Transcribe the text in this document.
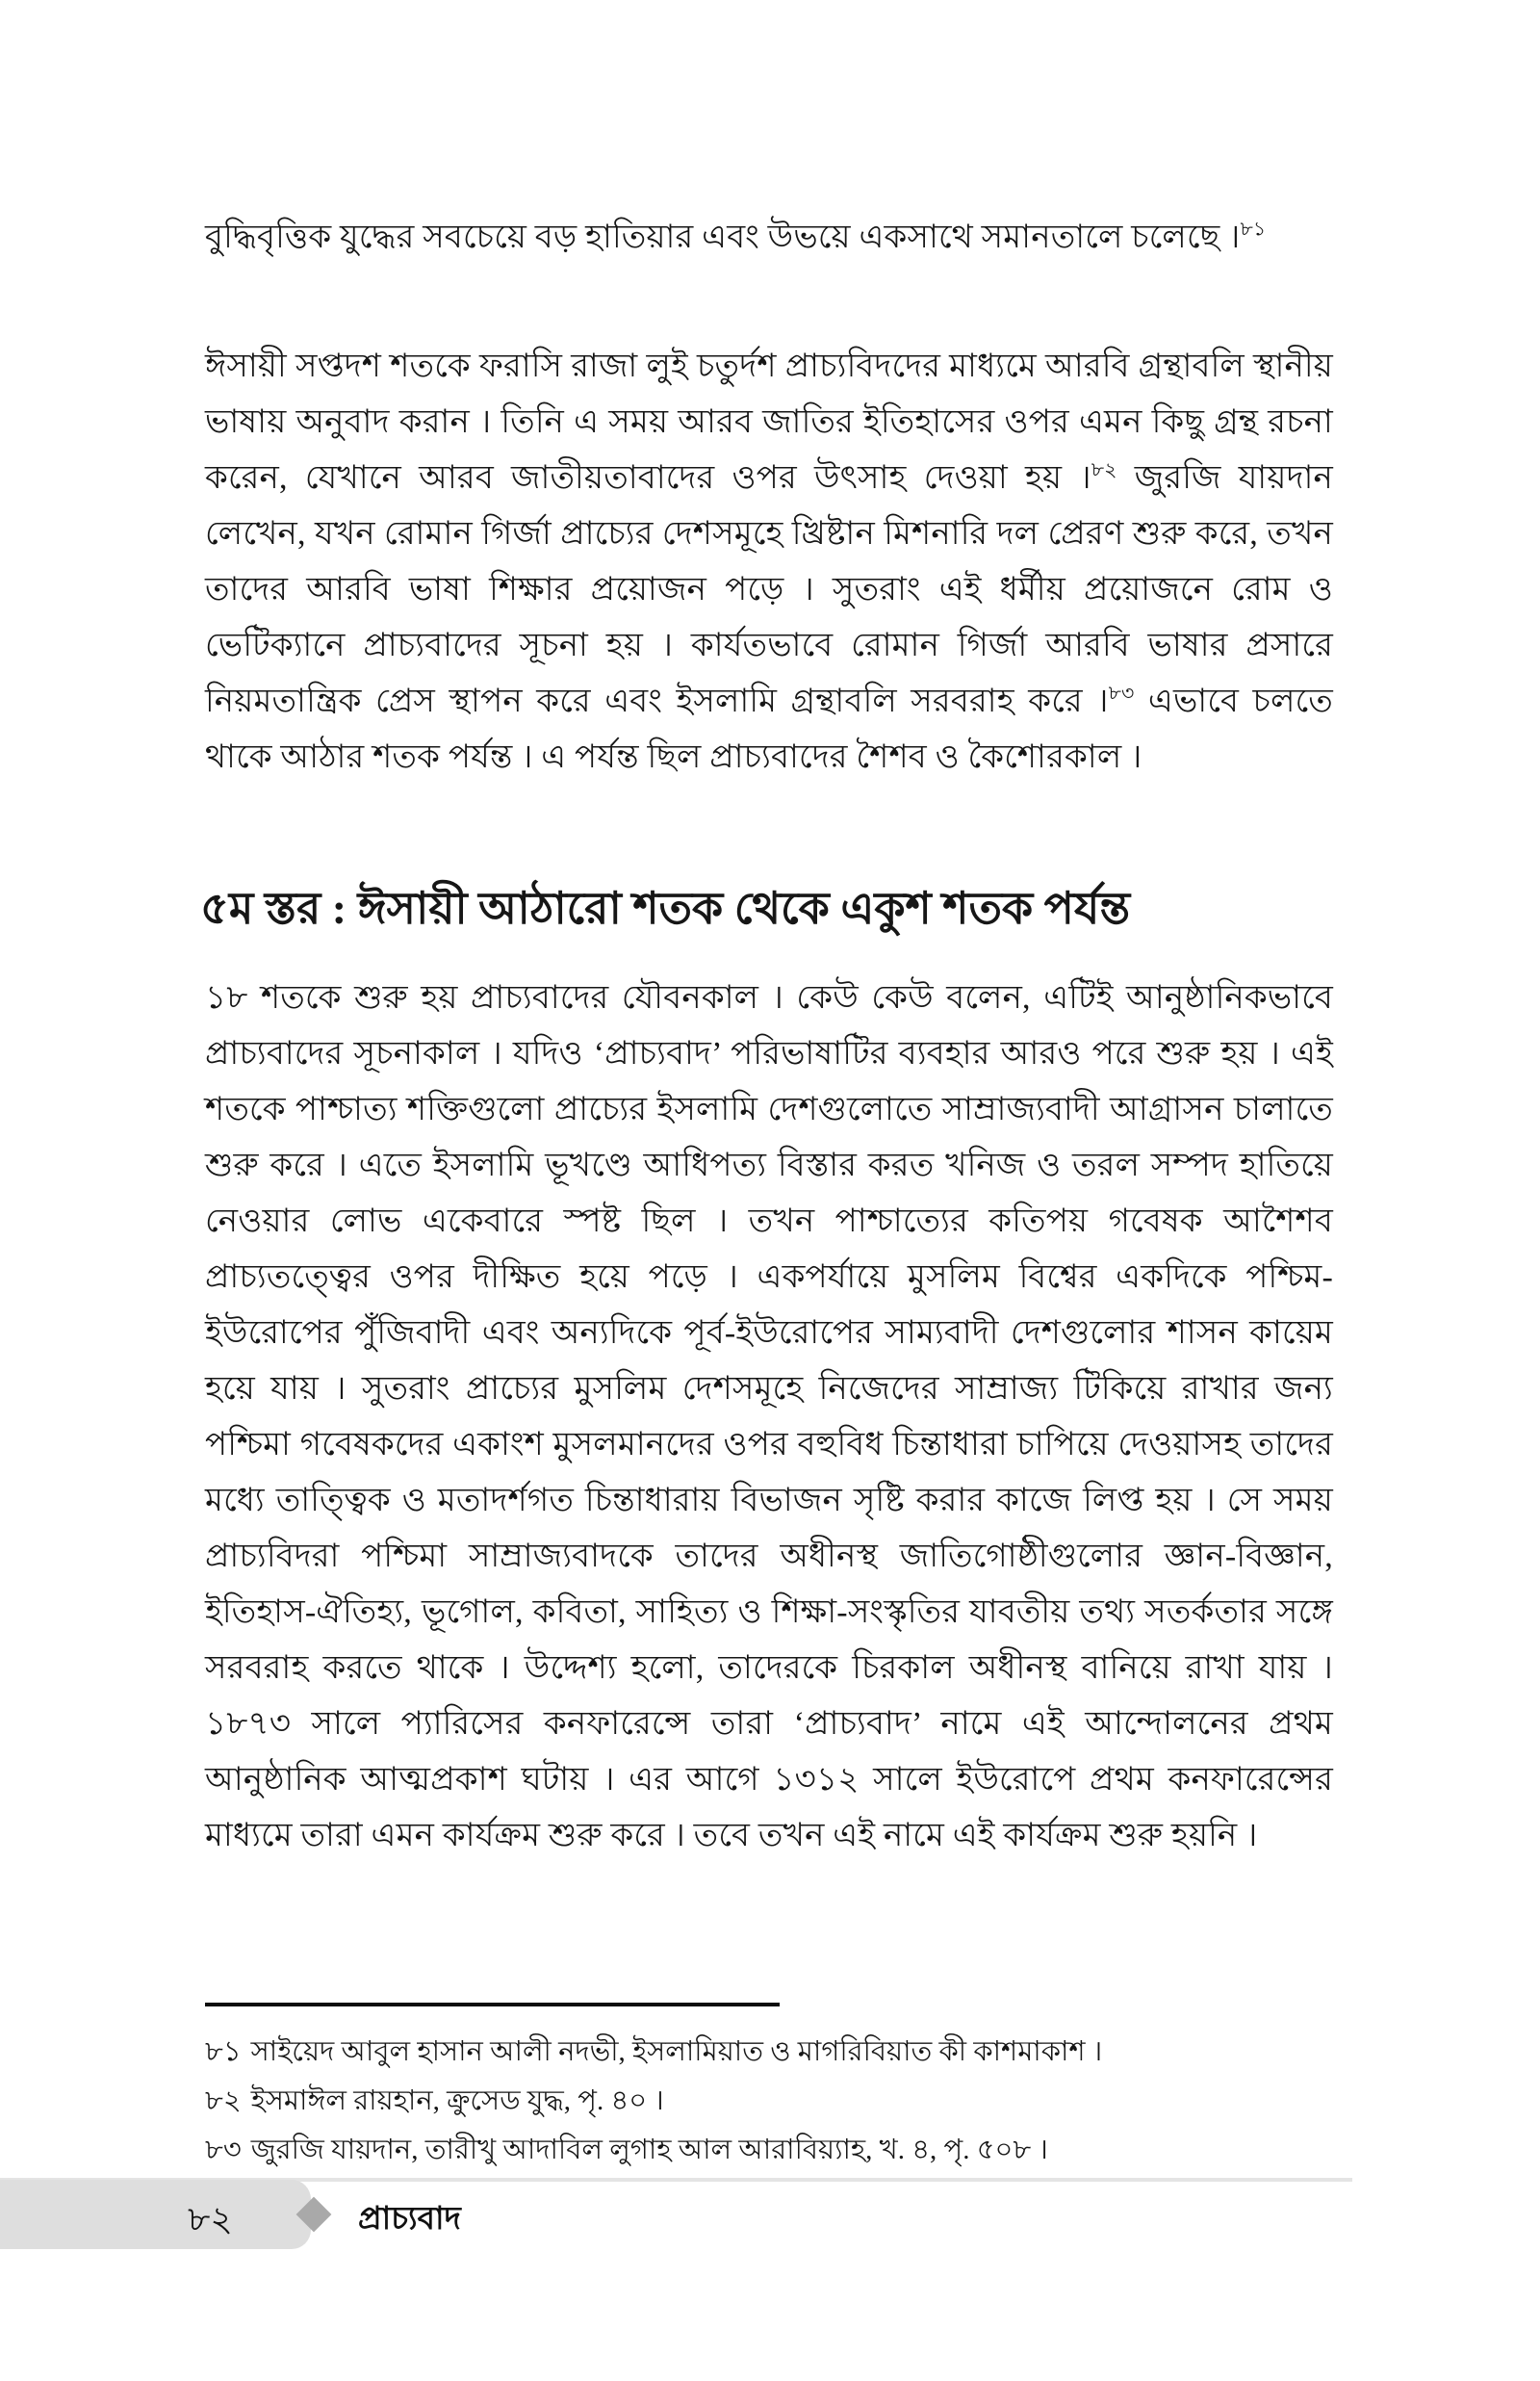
বুদ্ধিবৃত্তিক যুদ্ধের সবচেয়ে বড় হাতিয়ার এবং উভয়ে একসাথে সমানতালে চলেছে ।$^{৮১}$
ঈসায়ী সপ্তদশ শতকে ফরাসি রাজা লুই চতুর্দশ প্রাচ্যবিদদের মাধ্যমে আরবি গ্রন্থাবলি স্থানীয় ভাষায় অনুবাদ করান । তিনি এ সময় আরব জাতির ইতিহাসের ওপর এমন কিছু গ্রন্থ রচনা করেন, যেখানে আরব জাতীয়তাবাদের ওপর উৎসাহ দেওয়া হয় ।$^{৮২}$ জুরজি যায়দান লেখেন, যখন রোমান গির্জা প্রাচ্যের দেশসমূহে খ্রিষ্টান মিশনারি দল প্রেরণ শুরু করে, তখন তাদের আরবি ভাষা শিক্ষার প্রয়োজন পড়ে । সুতরাং এই ধর্মীয় প্রয়োজনে রোম ও ভেটিক্যানে প্রাচ্যবাদের সূচনা হয় । কার্যতভাবে রোমান গির্জা আরবি ভাষার প্রসারে নিয়মতান্ত্রিক প্রেস স্থাপন করে এবং ইসলামি গ্রন্থাবলি সরবরাহ করে ।$^{৮৩}$ এভাবে চলতে থাকে আঠার শতক পর্যন্ত । এ পর্যন্ত ছিল প্রাচ্যবাদের শৈশব ও কৈশোরকাল ।
৫ম স্তর : ঈসায়ী আঠারো শতক থেকে একুশ শতক পর্যন্ত
১৮ শতকে শুরু হয় প্রাচ্যবাদের যৌবনকাল । কেউ কেউ বলেন, এটিই আনুষ্ঠানিকভাবে প্রাচ্যবাদের সূচনাকাল । যদিও ‘প্রাচ্যবাদ’ পরিভাষাটির ব্যবহার আরও পরে শুরু হয় । এই শতকে পাশ্চাত্য শক্তিগুলো প্রাচ্যের ইসলামি দেশগুলোতে সাম্রাজ্যবাদী আগ্রাসন চালাতে শুরু করে । এতে ইসলামি ভূখণ্ডে আধিপত্য বিস্তার করত খনিজ ও তরল সম্পদ হাতিয়ে নেওয়ার লোভ একেবারে স্পষ্ট ছিল । তখন পাশ্চাত্যের কতিপয় গবেষক আশৈশব প্রাচ্যতত্ত্বের ওপর দীক্ষিত হয়ে পড়ে । একপর্যায়ে মুসলিম বিশ্বের একদিকে পশ্চিম-ইউরোপের পুঁজিবাদী এবং অন্যদিকে পূর্ব-ইউরোপের সাম্যবাদী দেশগুলোর শাসন কায়েম হয়ে যায় । সুতরাং প্রাচ্যের মুসলিম দেশসমূহে নিজেদের সাম্রাজ্য টিকিয়ে রাখার জন্য পশ্চিমা গবেষকদের একাংশ মুসলমানদের ওপর বহুবিধ চিন্তাধারা চাপিয়ে দেওয়াসহ তাদের মধ্যে তাত্ত্বিক ও মতাদর্শগত চিন্তাধারায় বিভাজন সৃষ্টি করার কাজে লিপ্ত হয় । সে সময় প্রাচ্যবিদরা পশ্চিমা সাম্রাজ্যবাদকে তাদের অধীনস্থ জাতিগোষ্ঠীগুলোর জ্ঞান-বিজ্ঞান, ইতিহাস-ঐতিহ্য, ভূগোল, কবিতা, সাহিত্য ও শিক্ষা-সংস্কৃতির যাবতীয় তথ্য সতর্কতার সঙ্গে সরবরাহ করতে থাকে । উদ্দেশ্য হলো, তাদেরকে চিরকাল অধীনস্থ বানিয়ে রাখা যায় । ১৮৭৩ সালে প্যারিসের কনফারেন্সে তারা ‘প্রাচ্যবাদ’ নামে এই আন্দোলনের প্রথম আনুষ্ঠানিক আত্মপ্রকাশ ঘটায় । এর আগে ১৩১২ সালে ইউরোপে প্রথম কনফারেন্সের মাধ্যমে তারা এমন কার্যক্রম শুরু করে । তবে তখন এই নামে এই কার্যক্রম শুরু হয়নি ।
৮১ সাইয়েদ আবুল হাসান আলী নদভী, ইসলামিয়াত ও মাগরিবিয়াত কী কাশমাকাশ ।
৮২ ইসমাঈল রায়হান, ক্রুসেড যুদ্ধ, পৃ. ৪০ ।
৮৩ জুরজি যায়দান, তারীখু আদাবিল লুগাহ আল আরাবিয়্যাহ, খ. ৪, পৃ. ৫০৮ ।
৮২	প্রাচ্যবাদ
